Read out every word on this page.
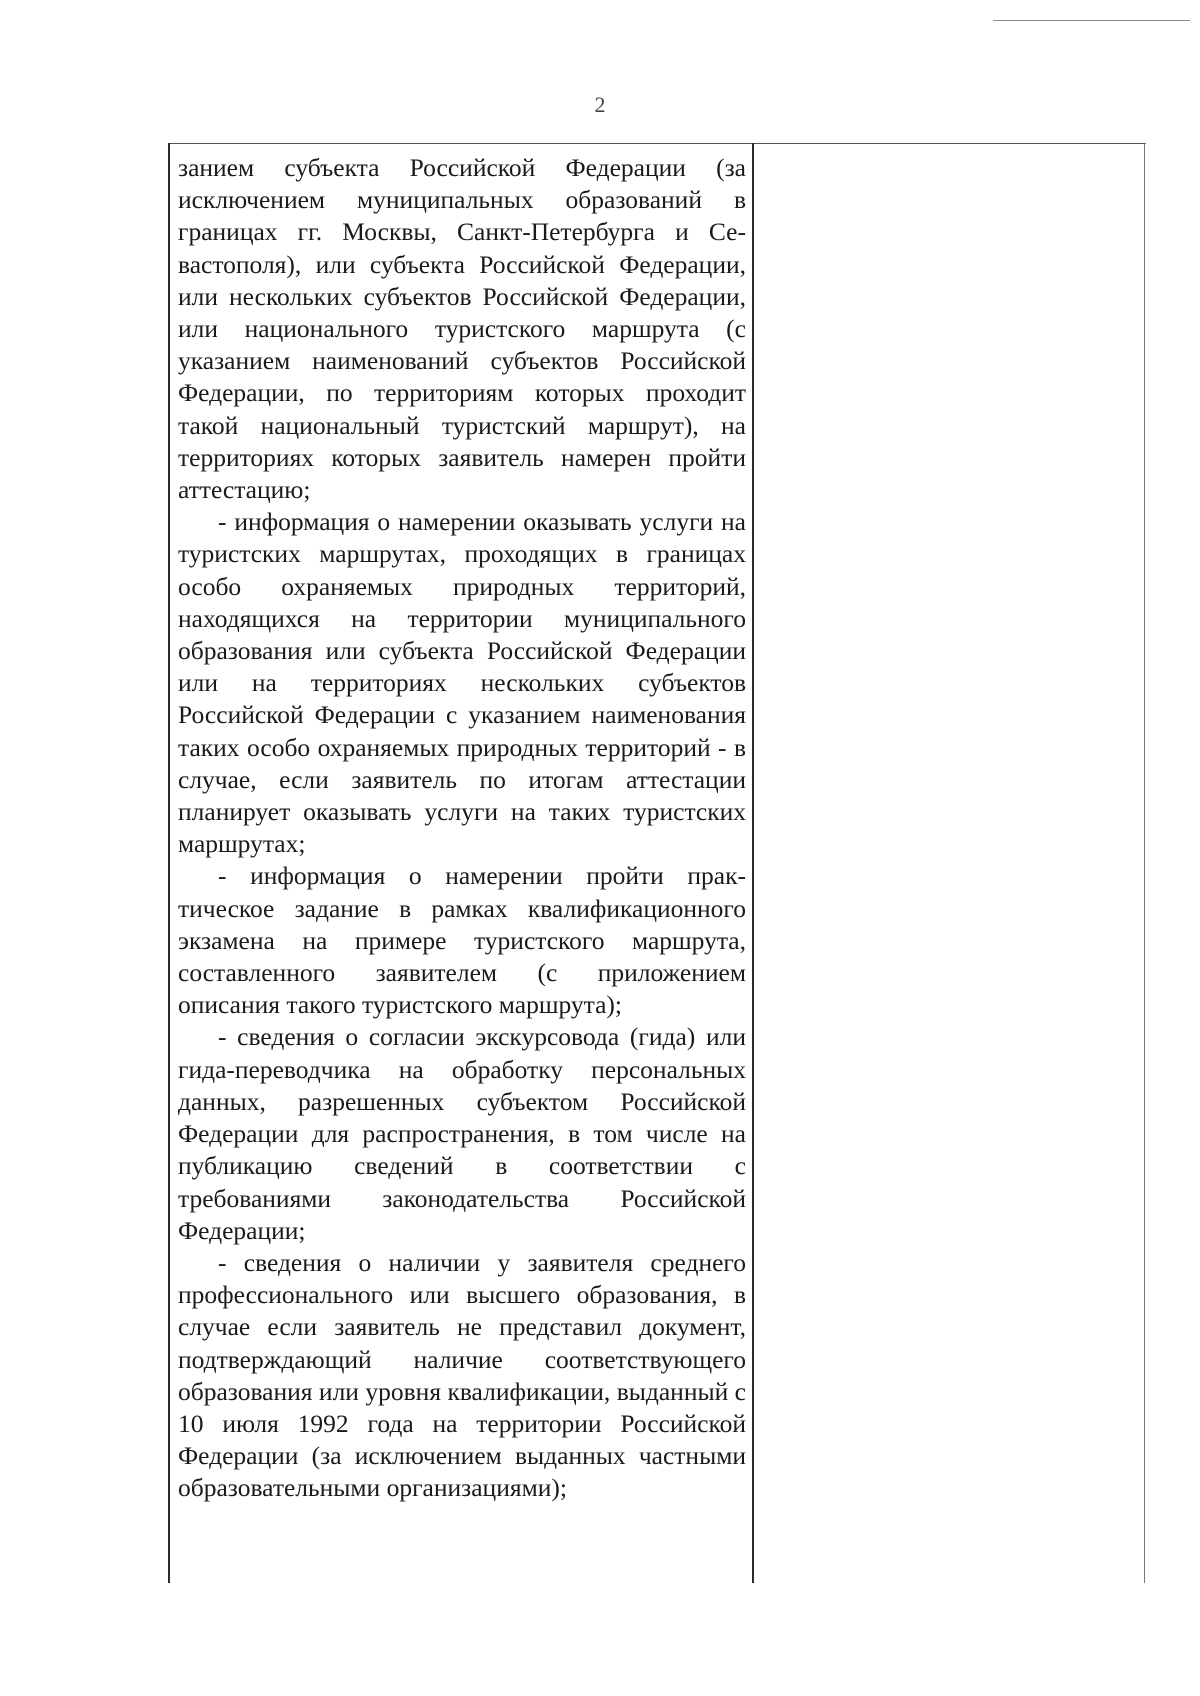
2

занием субъекта Российской Федерации (за исключением муниципальных образований в границах гг. Москвы, Санкт-Петербурга и Севастополя), или субъекта Российской Федерации, или нескольких субъектов Российской Федерации, или национального туристского маршрута (с указанием наименований субъектов Российской Федерации, по территориям которых проходит такой национальный туристский маршрут), на территориях которых заявитель намерен пройти аттестацию;

- информация о намерении оказывать услуги на туристских маршрутах, проходящих в границах особо охраняемых природных территорий, находящихся на территории муниципального образования или субъекта Российской Федерации или на территориях нескольких субъектов Российской Федерации с указанием наименования таких особо охраняемых природных территорий - в случае, если заявитель по итогам аттестации планирует оказывать услуги на таких туристских маршрутах;

- информация о намерении пройти практическое задание в рамках квалификационного экзамена на примере туристского маршрута, составленного заявителем (с приложением описания такого туристского маршрута);

- сведения о согласии экскурсовода (гида) или гида-переводчика на обработку персональных данных, разрешенных субъектом Российской Федерации для распространения, в том числе на публикацию сведений в соответствии с требованиями законодательства Российской Федерации;

- сведения о наличии у заявителя среднего профессионального или высшего образования, в случае если заявитель не представил документ, подтверждающий наличие соответствующего образования или уровня квалификации, выданный с 10 июля 1992 года на территории Российской Федерации (за исключением выданных частными образовательными организациями);
